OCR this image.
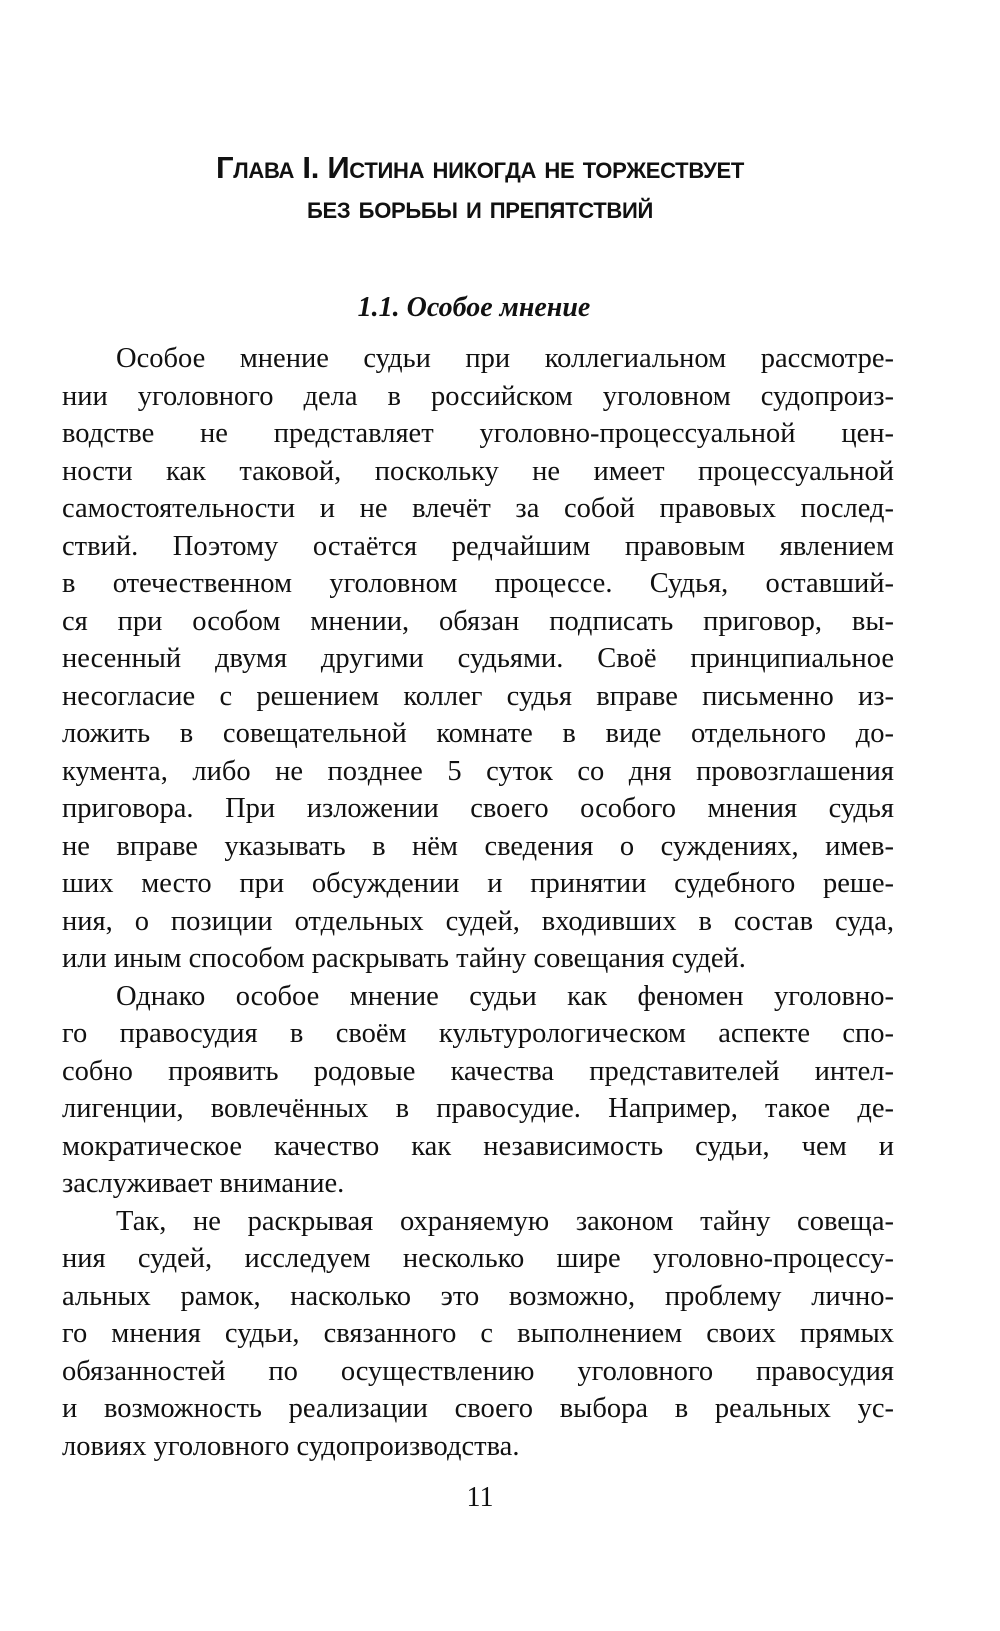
Глава I. Истина никогда не торжествует
без борьбы и препятствий
1.1. Особое мнение
Особое мнение судьи при коллегиальном рассмотре-
нии уголовного дела в российском уголовном судопроиз-
водстве не представляет уголовно-процессуальной цен-
ности как таковой, поскольку не имеет процессуальной
самостоятельности и не влечёт за собой правовых послед-
ствий. Поэтому остаётся редчайшим правовым явлением
в отечественном уголовном процессе. Судья, оставший-
ся при особом мнении, обязан подписать приговор, вы-
несенный двумя другими судьями. Своё принципиальное
несогласие с решением коллег судья вправе письменно из-
ложить в совещательной комнате в виде отдельного до-
кумента, либо не позднее 5 суток со дня провозглашения
приговора. При изложении своего особого мнения судья
не вправе указывать в нём сведения о суждениях, имев-
ших место при обсуждении и принятии судебного реше-
ния, о позиции отдельных судей, входивших в состав суда,
или иным способом раскрывать тайну совещания судей.
Однако особое мнение судьи как феномен уголовно-
го правосудия в своём культурологическом аспекте спо-
собно проявить родовые качества представителей интел-
лигенции, вовлечённых в правосудие. Например, такое де-
мократическое качество как независимость судьи, чем и
заслуживает внимание.
Так, не раскрывая охраняемую законом тайну совеща-
ния судей, исследуем несколько шире уголовно-процессу-
альных рамок, насколько это возможно, проблему лично-
го мнения судьи, связанного с выполнением своих прямых
обязанностей по осуществлению уголовного правосудия
и возможность реализации своего выбора в реальных ус-
ловиях уголовного судопроизводства.
11
